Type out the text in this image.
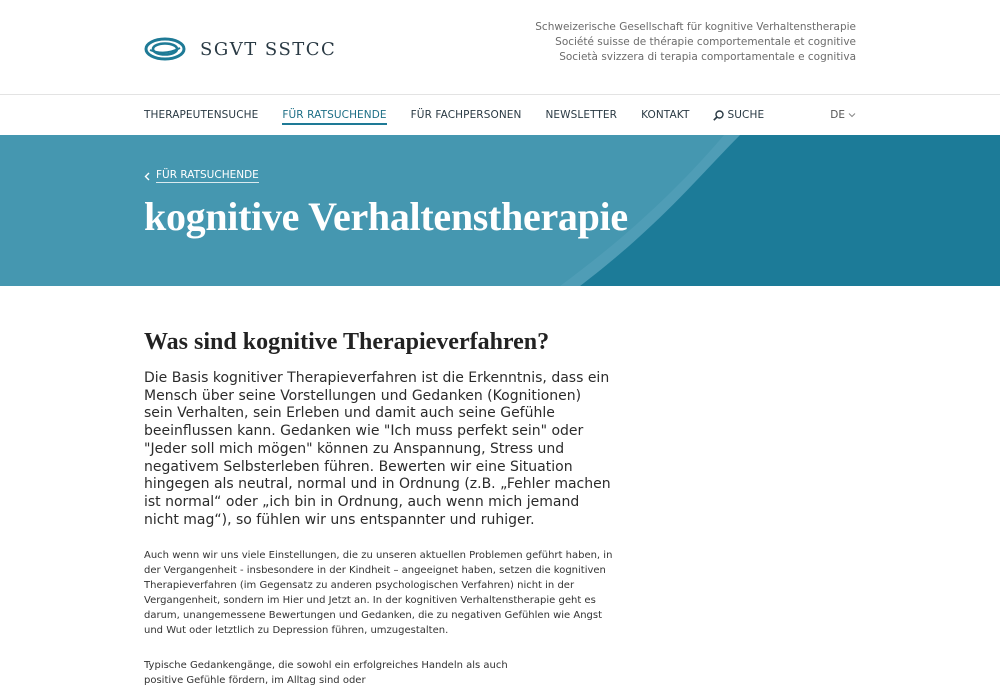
SGVT SSTCC
Schweizerische Gesellschaft für kognitive Verhaltenstherapie
Société suisse de thérapie comportementale et cognitive
Società svizzera di terapia comportamentale e cognitiva
THERAPEUTENSUCHE FÜR RATSUCHENDE FÜR FACHPERSONEN NEWSLETTER KONTAKT	SUCHE	DE
FÜR RATSUCHENDE
kognitive Verhaltenstherapie
Was sind kognitive Therapieverfahren?

Die Basis kognitiver Therapieverfahren ist die Erkenntnis, dass ein Mensch über seine Vorstellungen und Gedanken (Kognitionen) sein Verhalten, sein Erleben und damit auch seine Gefühle beeinflussen kann. Gedanken wie "Ich muss perfekt sein" oder "Jeder soll mich mögen" können zu Anspannung, Stress und negativem Selbsterleben führen. Bewerten wir eine Situation hingegen als neutral, normal und in Ordnung (z.B. „Fehler machen ist normal“ oder „ich bin in Ordnung, auch wenn mich jemand nicht mag“), so fühlen wir uns entspannter und ruhiger.

Auch wenn wir uns viele Einstellungen, die zu unseren aktuellen Problemen geführt haben, in der Vergangenheit - insbesondere in der Kindheit – angeeignet haben, setzen die kognitiven Therapieverfahren (im Gegensatz zu anderen psychologischen Verfahren) nicht in der Vergangenheit, sondern im Hier und Jetzt an. In der kognitiven Verhaltenstherapie geht es darum, unangemessene Bewertungen und Gedanken, die zu negativen Gefühlen wie Angst und Wut oder letztlich zu Depression führen, umzugestalten.

Typische Gedankengänge, die sowohl ein erfolgreiches Handeln als auch positive Gefühle fördern, im Alltag sind oder
